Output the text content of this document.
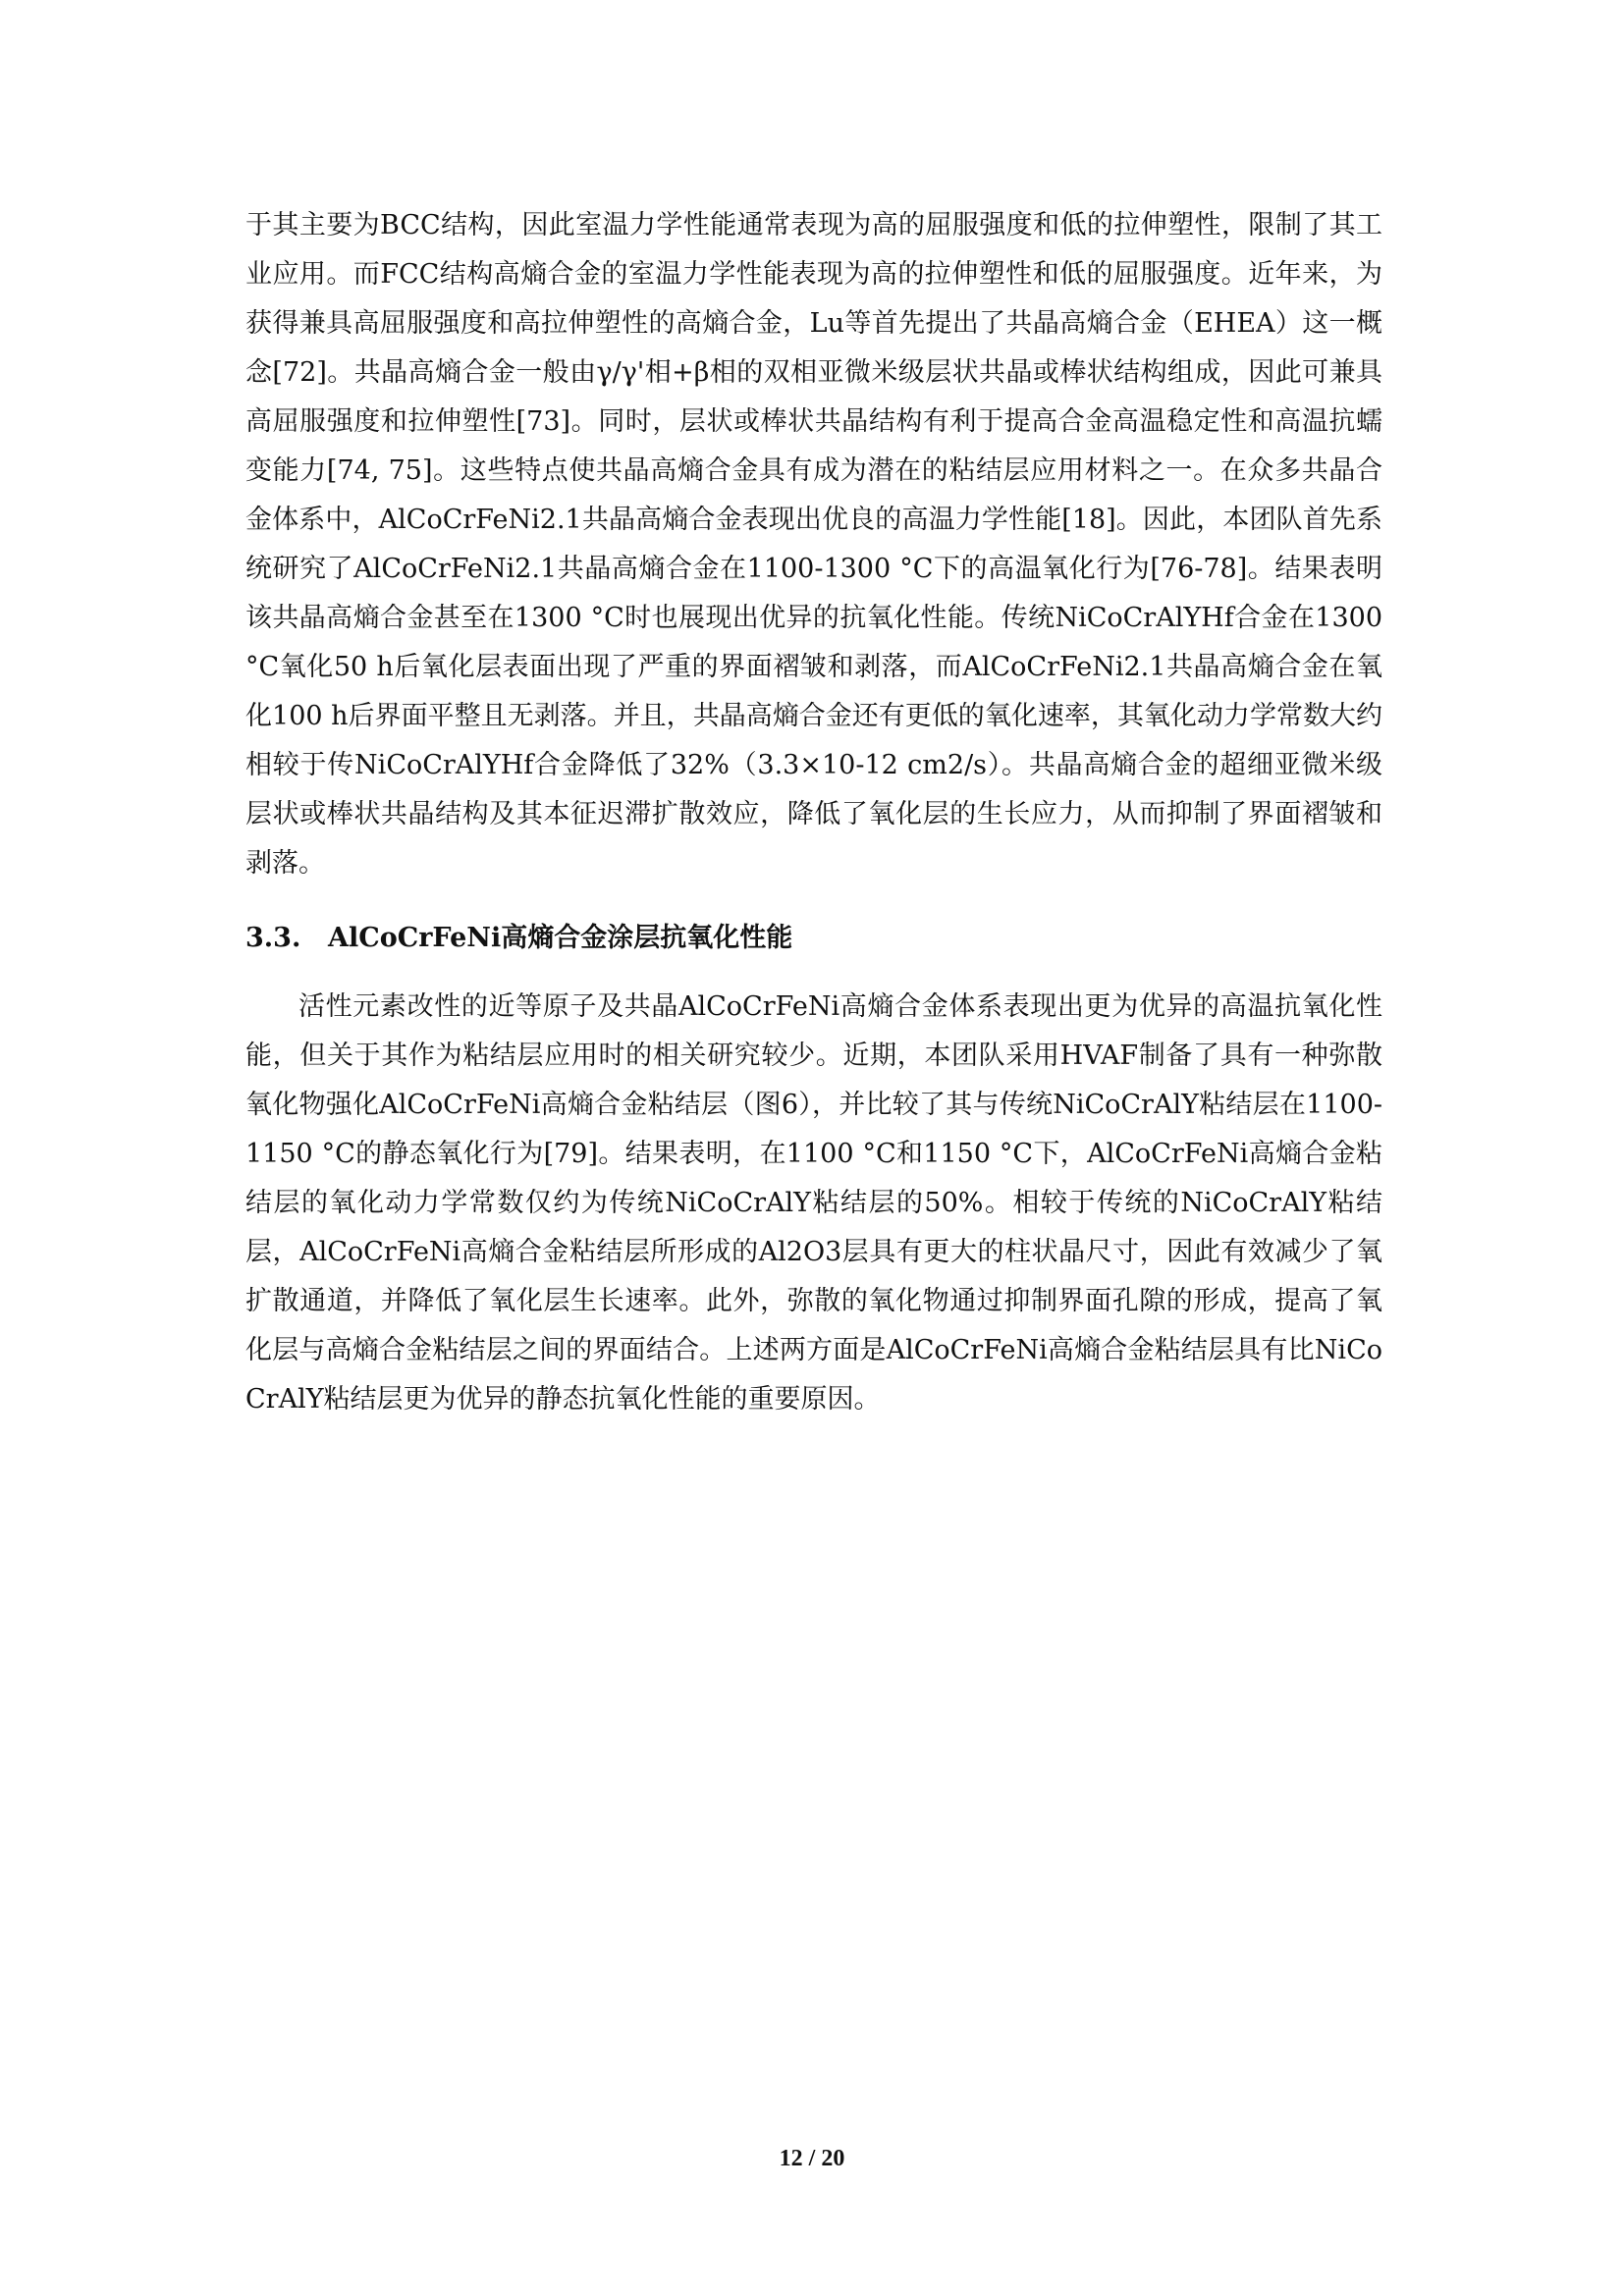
于其主要为BCC结构，因此室温力学性能通常表现为高的屈服强度和低的拉伸塑性，限制了其工业应用。而FCC结构高熵合金的室温力学性能表现为高的拉伸塑性和低的屈服强度。近年来，为获得兼具高屈服强度和高拉伸塑性的高熵合金，Lu等首先提出了共晶高熵合金（EHEA）这一概念[72]。共晶高熵合金一般由γ/γ'相+β相的双相亚微米级层状共晶或棒状结构组成，因此可兼具高屈服强度和拉伸塑性[73]。同时，层状或棒状共晶结构有利于提高合金高温稳定性和高温抗蠕变能力[74, 75]。这些特点使共晶高熵合金具有成为潜在的粘结层应用材料之一。在众多共晶合金体系中，AlCoCrFeNi2.1共晶高熵合金表现出优良的高温力学性能[18]。因此，本团队首先系统研究了AlCoCrFeNi2.1共晶高熵合金在1100-1300 °C下的高温氧化行为[76-78]。结果表明该共晶高熵合金甚至在1300 °C时也展现出优异的抗氧化性能。传统NiCoCrAlYHf合金在1300 °C氧化50 h后氧化层表面出现了严重的界面褶皱和剥落，而AlCoCrFeNi2.1共晶高熵合金在氧化100 h后界面平整且无剥落。并且，共晶高熵合金还有更低的氧化速率，其氧化动力学常数大约相较于传NiCoCrAlYHf合金降低了32%（3.3×10-12 cm2/s）。共晶高熵合金的超细亚微米级层状或棒状共晶结构及其本征迟滞扩散效应，降低了氧化层的生长应力，从而抑制了界面褶皱和剥落。

3.3. AlCoCrFeNi高熵合金涂层抗氧化性能

活性元素改性的近等原子及共晶AlCoCrFeNi高熵合金体系表现出更为优异的高温抗氧化性能，但关于其作为粘结层应用时的相关研究较少。近期，本团队采用HVAF制备了具有一种弥散氧化物强化AlCoCrFeNi高熵合金粘结层（图6），并比较了其与传统NiCoCrAlY粘结层在1100-1150 °C的静态氧化行为[79]。结果表明，在1100 °C和1150 °C下，AlCoCrFeNi高熵合金粘结层的氧化动力学常数仅约为传统NiCoCrAlY粘结层的50%。相较于传统的NiCoCrAlY粘结层，AlCoCrFeNi高熵合金粘结层所形成的Al2O3层具有更大的柱状晶尺寸，因此有效减少了氧扩散通道，并降低了氧化层生长速率。此外，弥散的氧化物通过抑制界面孔隙的形成，提高了氧化层与高熵合金粘结层之间的界面结合。上述两方面是AlCoCrFeNi高熵合金粘结层具有比NiCoCrAlY粘结层更为优异的静态抗氧化性能的重要原因。

12 / 20
